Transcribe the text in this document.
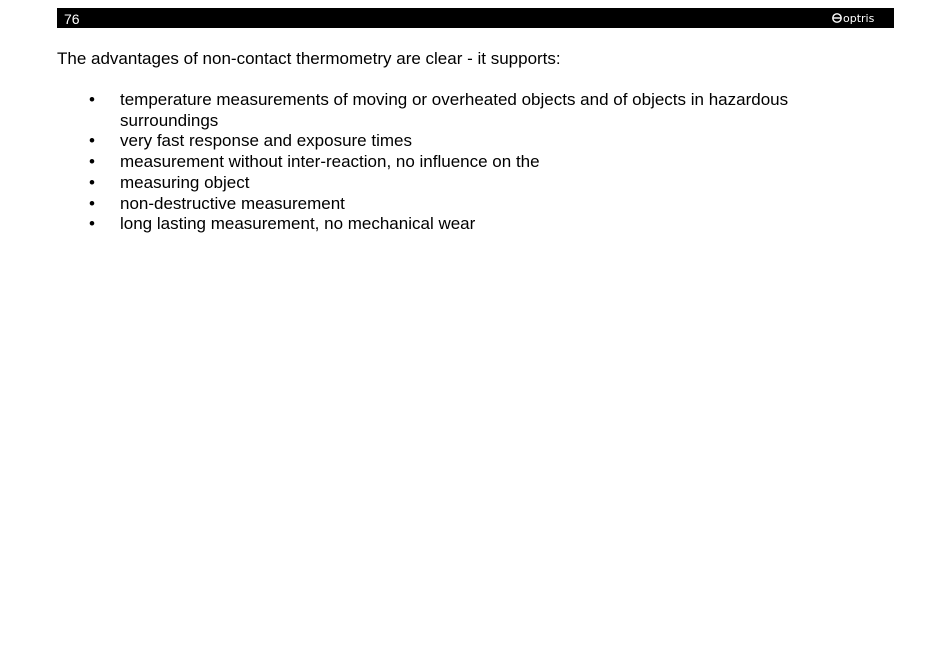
76	optris

The advantages of non-contact thermometry are clear - it supports:

• temperature measurements of moving or overheated objects and of objects in hazardous surroundings
• very fast response and exposure times
• measurement without inter-reaction, no influence on the
• measuring object
• non-destructive measurement
• long lasting measurement, no mechanical wear
